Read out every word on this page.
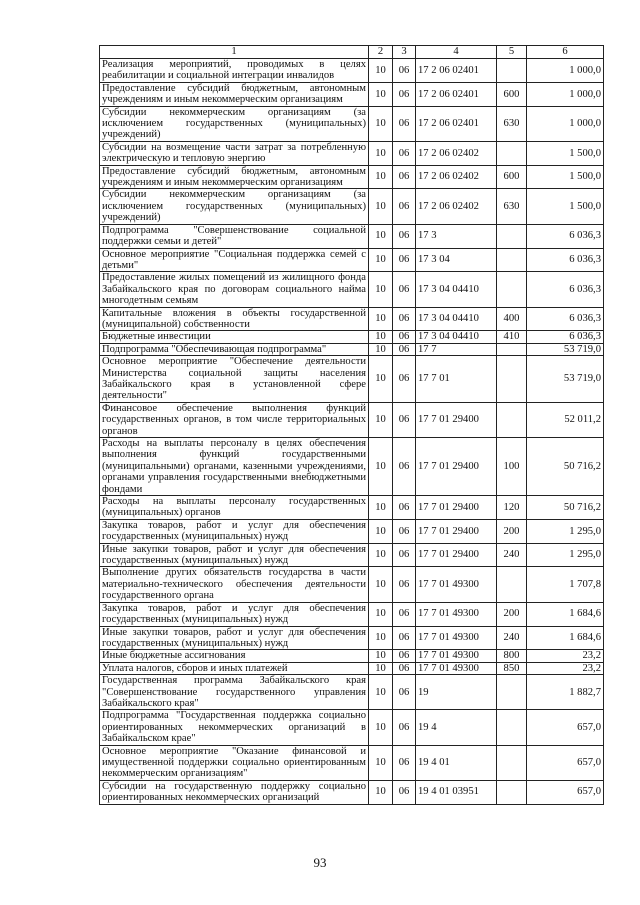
1	2	3	4	5	6
Реализация мероприятий, проводимых в целях реабилитации и социальной интеграции инвалидов	10	06	17 2 06 02401		1 000,0
Предоставление субсидий бюджетным, автономным учреждениям и иным некоммерческим организациям	10	06	17 2 06 02401	600	1 000,0
Субсидии некоммерческим организациям (за исключением государственных (муниципальных) учреждений)	10	06	17 2 06 02401	630	1 000,0
Субсидии на возмещение части затрат за потребленную электрическую и тепловую энергию	10	06	17 2 06 02402		1 500,0
Предоставление субсидий бюджетным, автономным учреждениям и иным некоммерческим организациям	10	06	17 2 06 02402	600	1 500,0
Субсидии некоммерческим организациям (за исключением государственных (муниципальных) учреждений)	10	06	17 2 06 02402	630	1 500,0
Подпрограмма "Совершенствование социальной поддержки семьи и детей"	10	06	17 3		6 036,3
Основное мероприятие "Социальная поддержка семей с детьми"	10	06	17 3 04		6 036,3
Предоставление жилых помещений из жилищного фонда Забайкальского края по договорам социального найма многодетным семьям	10	06	17 3 04 04410		6 036,3
Капитальные вложения в объекты государственной (муниципальной) собственности	10	06	17 3 04 04410	400	6 036,3
Бюджетные инвестиции	10	06	17 3 04 04410	410	6 036,3
Подпрограмма "Обеспечивающая подпрограмма"	10	06	17 7		53 719,0
Основное мероприятие "Обеспечение деятельности Министерства социальной защиты населения Забайкальского края в установленной сфере деятельности"	10	06	17 7 01		53 719,0
Финансовое обеспечение выполнения функций государственных органов, в том числе территориальных органов	10	06	17 7 01 29400		52 011,2
Расходы на выплаты персоналу в целях обеспечения выполнения функций государственными (муниципальными) органами, казенными учреждениями, органами управления государственными внебюджетными фондами	10	06	17 7 01 29400	100	50 716,2
Расходы на выплаты персоналу государственных (муниципальных) органов	10	06	17 7 01 29400	120	50 716,2
Закупка товаров, работ и услуг для обеспечения государственных (муниципальных) нужд	10	06	17 7 01 29400	200	1 295,0
Иные закупки товаров, работ и услуг для обеспечения государственных (муниципальных) нужд	10	06	17 7 01 29400	240	1 295,0
Выполнение других обязательств государства в части материально-технического обеспечения деятельности государственного органа	10	06	17 7 01 49300		1 707,8
Закупка товаров, работ и услуг для обеспечения государственных (муниципальных) нужд	10	06	17 7 01 49300	200	1 684,6
Иные закупки товаров, работ и услуг для обеспечения государственных (муниципальных) нужд	10	06	17 7 01 49300	240	1 684,6
Иные бюджетные ассигнования	10	06	17 7 01 49300	800	23,2
Уплата налогов, сборов и иных платежей	10	06	17 7 01 49300	850	23,2
Государственная программа Забайкальского края "Совершенствование государственного управления Забайкальского края"	10	06	19		1 882,7
Подпрограмма "Государственная поддержка социально ориентированных некоммерческих организаций в Забайкальском крае"	10	06	19 4		657,0
Основное мероприятие "Оказание финансовой и имущественной поддержки социально ориентированным некоммерческим организациям"	10	06	19 4 01		657,0
Субсидии на государственную поддержку социально ориентированных некоммерческих организаций	10	06	19 4 01 03951		657,0
93
